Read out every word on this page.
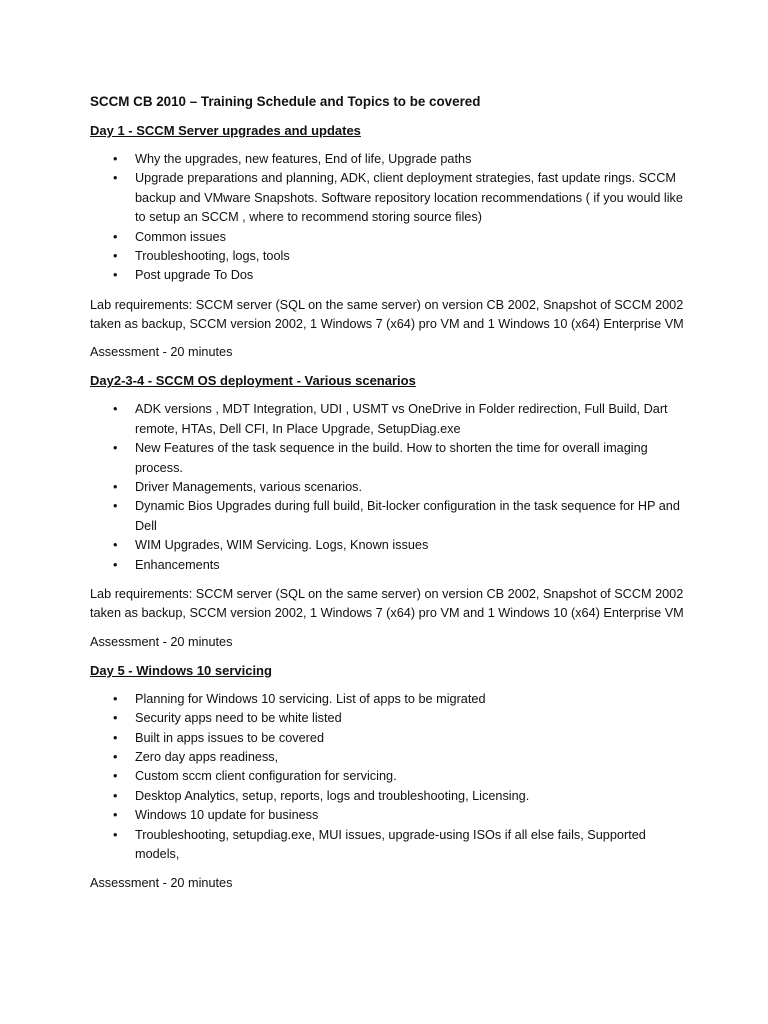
SCCM CB 2010 – Training Schedule and Topics to be covered
Day 1 - SCCM Server upgrades and updates
• Why the upgrades, new features, End of life, Upgrade paths
• Upgrade preparations and planning, ADK, client deployment strategies, fast update rings. SCCM backup and VMware Snapshots. Software repository location recommendations ( if you would like to setup an SCCM , where to recommend storing source files)
• Common issues
• Troubleshooting, logs, tools
• Post upgrade To Dos

Lab requirements: SCCM server (SQL on the same server) on version CB 2002, Snapshot of SCCM 2002 taken as backup, SCCM version 2002, 1 Windows 7 (x64) pro VM and 1 Windows 10 (x64) Enterprise VM

Assessment - 20 minutes

Day2-3-4 - SCCM OS deployment - Various scenarios
• ADK versions , MDT Integration, UDI , USMT vs OneDrive in Folder redirection, Full Build, Dart remote, HTAs, Dell CFI, In Place Upgrade, SetupDiag.exe
• New Features of the task sequence in the build. How to shorten the time for overall imaging process.
• Driver Managements, various scenarios.
• Dynamic Bios Upgrades during full build, Bit-locker configuration in the task sequence for HP and Dell
• WIM Upgrades, WIM Servicing. Logs, Known issues
• Enhancements

Lab requirements: SCCM server (SQL on the same server) on version CB 2002, Snapshot of SCCM 2002 taken as backup, SCCM version 2002, 1 Windows 7 (x64) pro VM and 1 Windows 10 (x64) Enterprise VM

Assessment - 20 minutes

Day 5 - Windows 10 servicing
• Planning for Windows 10 servicing. List of apps to be migrated
• Security apps need to be white listed
• Built in apps issues to be covered
• Zero day apps readiness,
• Custom sccm client configuration for servicing.
• Desktop Analytics, setup, reports, logs and troubleshooting, Licensing.
• Windows 10 update for business
• Troubleshooting, setupdiag.exe, MUI issues, upgrade-using ISOs if all else fails, Supported models,

Assessment - 20 minutes
